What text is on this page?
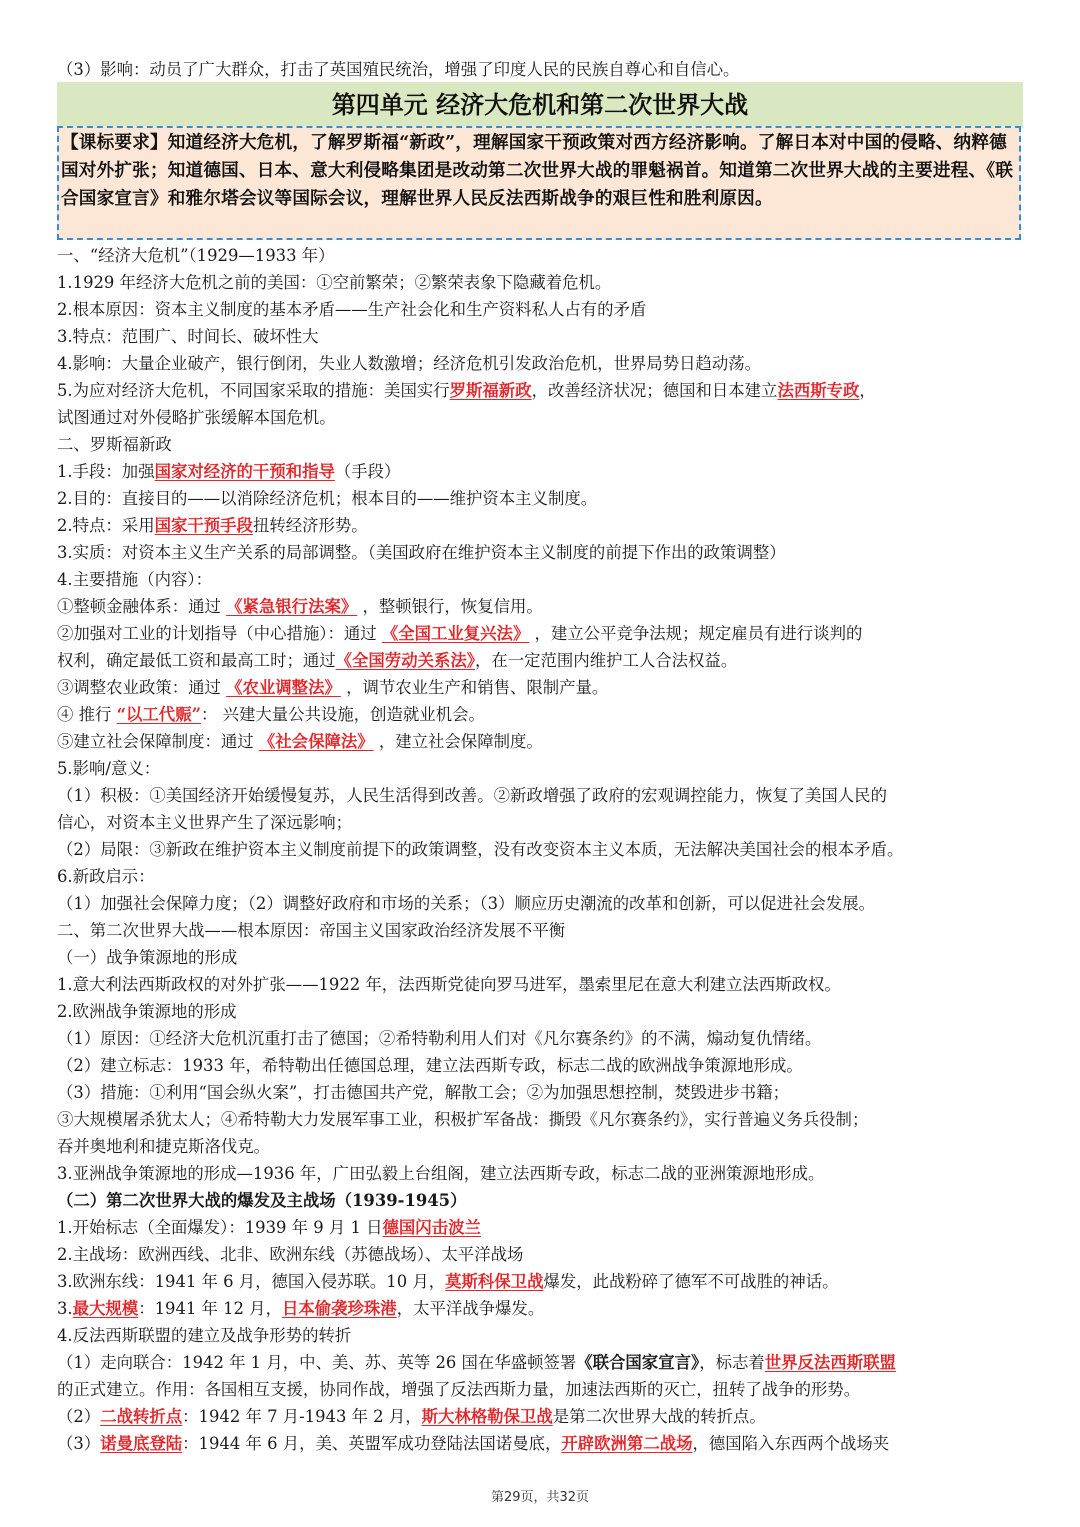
（3）影响：动员了广大群众，打击了英国殖民统治，增强了印度人民的民族自尊心和自信心。
第四单元 经济大危机和第二次世界大战
【课标要求】知道经济大危机，了解罗斯福“新政”，理解国家干预政策对西方经济影响。了解日本对中国的侵略、纳粹德国对外扩张；知道德国、日本、意大利侵略集团是改动第二次世界大战的罪魁祸首。知道第二次世界大战的主要进程、《联合国家宣言》和雅尔塔会议等国际会议，理解世界人民反法西斯战争的艰巨性和胜利原因。
一、“经济大危机”（1929—1933 年）
1.1929 年经济大危机之前的美国：①空前繁荣；②繁荣表象下隐藏着危机。
2.根本原因：资本主义制度的基本矛盾——生产社会化和生产资料私人占有的矛盾
3.特点：范围广、时间长、破坏性大
4.影响：大量企业破产，银行倒闭，失业人数激增；经济危机引发政治危机，世界局势日趋动荡。
5.为应对经济大危机，不同国家采取的措施：美国实行罗斯福新政，改善经济状况；德国和日本建立法西斯专政，
试图通过对外侵略扩张缓解本国危机。
二、罗斯福新政
1.手段：加强国家对经济的干预和指导（手段）
2.目的：直接目的——以消除经济危机；根本目的——维护资本主义制度。
2.特点：采用国家干预手段扭转经济形势。
3.实质：对资本主义生产关系的局部调整。（美国政府在维护资本主义制度的前提下作出的政策调整）
4.主要措施（内容）：
①整顿金融体系：通过 《紧急银行法案》 ，整顿银行，恢复信用。
②加强对工业的计划指导（中心措施）：通过 《全国工业复兴法》 ，建立公平竞争法规；规定雇员有进行谈判的
权利，确定最低工资和最高工时；通过《全国劳动关系法》，在一定范围内维护工人合法权益。
③调整农业政策：通过 《农业调整法》 ，调节农业生产和销售、限制产量。
④ 推行 “以工代赈”： 兴建大量公共设施，创造就业机会。
⑤建立社会保障制度：通过 《社会保障法》 ，建立社会保障制度。
5.影响/意义：
（1）积极：①美国经济开始缓慢复苏，人民生活得到改善。②新政增强了政府的宏观调控能力，恢复了美国人民的
信心，对资本主义世界产生了深远影响；
（2）局限：③新政在维护资本主义制度前提下的政策调整，没有改变资本主义本质，无法解决美国社会的根本矛盾。
6.新政启示：
（1）加强社会保障力度；（2）调整好政府和市场的关系；（3）顺应历史潮流的改革和创新，可以促进社会发展。
二、第二次世界大战——根本原因：帝国主义国家政治经济发展不平衡
（一）战争策源地的形成
1.意大利法西斯政权的对外扩张——1922 年，法西斯党徒向罗马进军，墨索里尼在意大利建立法西斯政权。
2.欧洲战争策源地的形成
（1）原因：①经济大危机沉重打击了德国；②希特勒利用人们对《凡尔赛条约》的不满，煽动复仇情绪。
（2）建立标志：1933 年，希特勒出任德国总理，建立法西斯专政，标志二战的欧洲战争策源地形成。
（3）措施：①利用“国会纵火案”，打击德国共产党，解散工会；②为加强思想控制，焚毁进步书籍；
③大规模屠杀犹太人；④希特勒大力发展军事工业，积极扩军备战：撕毁《凡尔赛条约》，实行普遍义务兵役制；
吞并奥地利和捷克斯洛伐克。
3.亚洲战争策源地的形成—1936 年，广田弘毅上台组阁，建立法西斯专政，标志二战的亚洲策源地形成。
（二）第二次世界大战的爆发及主战场（1939-1945）
1.开始标志（全面爆发）：1939 年 9 月 1 日德国闪击波兰
2.主战场：欧洲西线、北非、欧洲东线（苏德战场）、太平洋战场
3.欧洲东线：1941 年 6 月，德国入侵苏联。10 月，莫斯科保卫战爆发，此战粉碎了德军不可战胜的神话。
3.最大规模：1941 年 12 月，日本偷袭珍珠港，太平洋战争爆发。
4.反法西斯联盟的建立及战争形势的转折
（1）走向联合：1942 年 1 月，中、美、苏、英等 26 国在华盛顿签署《联合国家宣言》，标志着世界反法西斯联盟
的正式建立。作用：各国相互支援，协同作战，增强了反法西斯力量，加速法西斯的灭亡，扭转了战争的形势。
（2）二战转折点：1942 年 7 月-1943 年 2 月，斯大林格勒保卫战是第二次世界大战的转折点。
（3）诺曼底登陆：1944 年 6 月，美、英盟军成功登陆法国诺曼底，开辟欧洲第二战场，德国陷入东西两个战场夹
第29页，共32页
